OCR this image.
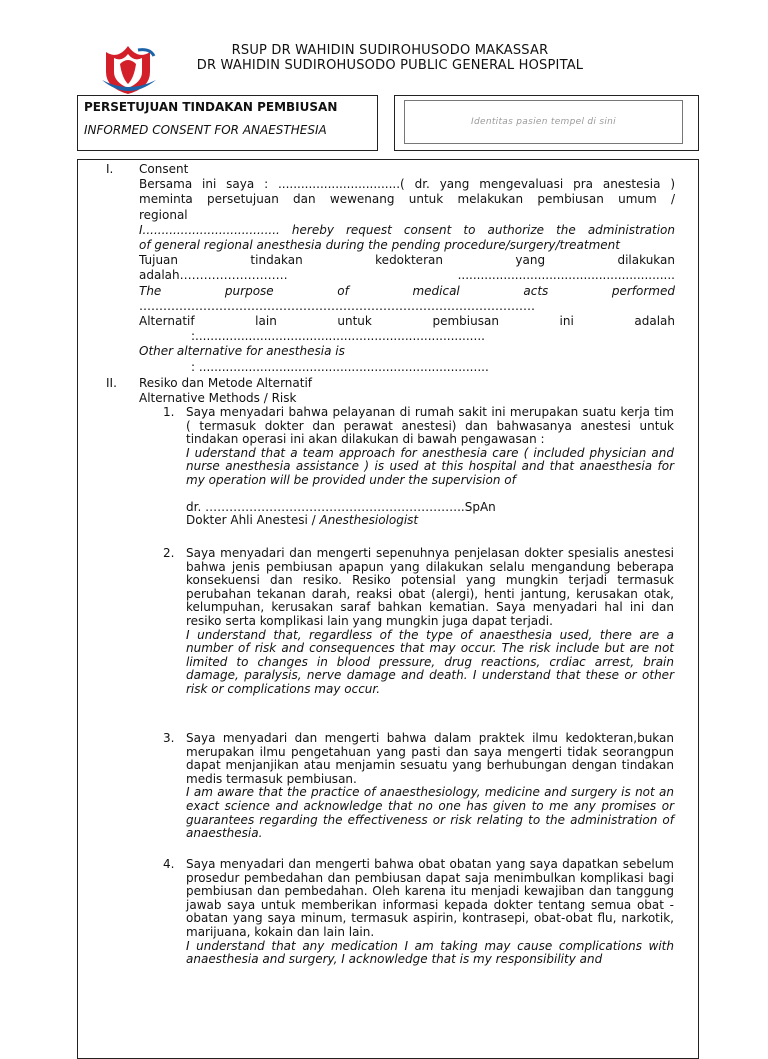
RSUP DR WAHIDIN SUDIROHUSODO MAKASSAR
DR WAHIDIN SUDIROHUSODO PUBLIC GENERAL HOSPITAL
PERSETUJUAN TINDAKAN PEMBIUSAN
INFORMED CONSENT FOR ANAESTHESIA
Identitas pasien tempel di sini
I.	Consent

Bersama ini saya : ................................( dr. yang mengevaluasi pra anestesia )

meminta persetujuan dan wewenang untuk melakukan pembiusan umum /

regional

I.................................... hereby request consent to authorize the administration

of general regional anesthesia during the pending procedure/surgery/treatment

Tujuan tindakan kedokteran yang dilakukan

adalah……………………… .........................................................

The purpose of medical acts performed

………………………………………………………………………………………

Alternatif lain untuk pembiusan ini adalah

:............................................................................

Other alternative for anesthesia is

: ............................................................................

II.	Resiko dan Metode Alternatif

Alternative Methods / Risk

1. Saya menyadari bahwa pelayanan di rumah sakit ini merupakan suatu kerja tim ( termasuk dokter dan perawat anestesi) dan bahwasanya anestesi untuk tindakan operasi ini akan dilakukan di bawah pengawasan :

I uderstand that a team approach for anesthesia care ( included physician and nurse anesthesia assistance ) is used at this hospital and that anaesthesia for my operation will be provided under the supervision of

dr. ………………………………………………………..SpAn

Dokter Ahli Anestesi / Anesthesiologist

2. Saya menyadari dan mengerti sepenuhnya penjelasan dokter spesialis anestesi bahwa jenis pembiusan apapun yang dilakukan selalu mengandung beberapa konsekuensi dan resiko. Resiko potensial yang mungkin terjadi termasuk perubahan tekanan darah, reaksi obat (alergi), henti jantung, kerusakan otak, kelumpuhan, kerusakan saraf bahkan kematian. Saya menyadari hal ini dan resiko serta komplikasi lain yang mungkin juga dapat terjadi.

I understand that, regardless of the type of anaesthesia used, there are a number of risk and consequences that may occur. The risk include but are not limited to changes in blood pressure, drug reactions, crdiac arrest, brain damage, paralysis, nerve damage and death. I understand that these or other risk or complications may occur.

3. Saya menyadari dan mengerti bahwa dalam praktek ilmu kedokteran,bukan merupakan ilmu pengetahuan yang pasti dan saya mengerti tidak seorangpun dapat menjanjikan atau menjamin sesuatu yang berhubungan dengan tindakan medis termasuk pembiusan.

I am aware that the practice of anaesthesiology, medicine and surgery is not an exact science and acknowledge that no one has given to me any promises or guarantees regarding the effectiveness or risk relating to the administration of anaesthesia.

4. Saya menyadari dan mengerti bahwa obat obatan yang saya dapatkan sebelum prosedur pembedahan dan pembiusan dapat saja menimbulkan komplikasi bagi pembiusan dan pembedahan. Oleh karena itu menjadi kewajiban dan tanggung jawab saya untuk memberikan informasi kepada dokter tentang semua obat - obatan yang saya minum, termasuk aspirin, kontrasepi, obat-obat flu, narkotik, marijuana, kokain dan lain lain.

I understand that any medication I am taking may cause complications with anaesthesia and surgery, I acknowledge that is my responsibility and
